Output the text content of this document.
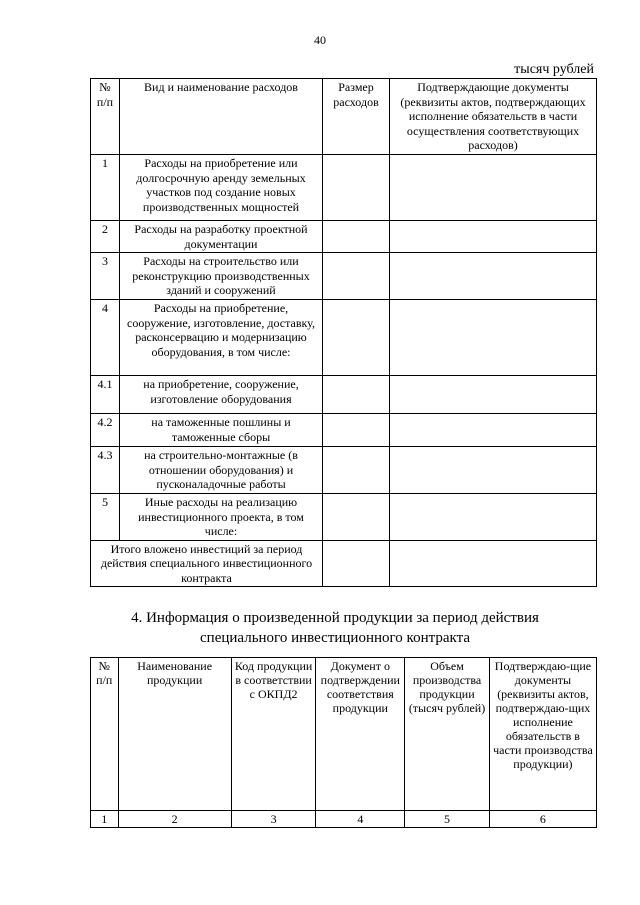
40
тысяч рублей
№ п/п	Вид и наименование расходов	Размер расходов	Подтверждающие документы (реквизиты актов, подтверждающих исполнение обязательств в части осуществления соответствующих расходов)
1	Расходы на приобретение или долгосрочную аренду земельных участков под создание новых производственных мощностей		
2	Расходы на разработку проектной документации		
3	Расходы на строительство или реконструкцию производственных зданий и сооружений		
4	Расходы на приобретение, сооружение, изготовление, доставку, расконсервацию и модернизацию оборудования, в том числе:		
4.1	на приобретение, сооружение, изготовление оборудования		
4.2	на таможенные пошлины и таможенные сборы		
4.3	на строительно-монтажные (в отношении оборудования) и пусконаладочные работы		
5	Иные расходы на реализацию инвестиционного проекта, в том числе:		
Итого вложено инвестиций за период действия специального инвестиционного контракта			
4. Информация о произведенной продукции за период действия специального инвестиционного контракта
№ п/п	Наименование продукции	Код продукции в соответствии с ОКПД2	Документ о подтверждении соответствия продукции	Объем производства продукции (тысяч рублей)	Подтверждаю-щие документы (реквизиты актов, подтверждаю-щих исполнение обязательств в части производства продукции)
1	2	3	4	5	6
